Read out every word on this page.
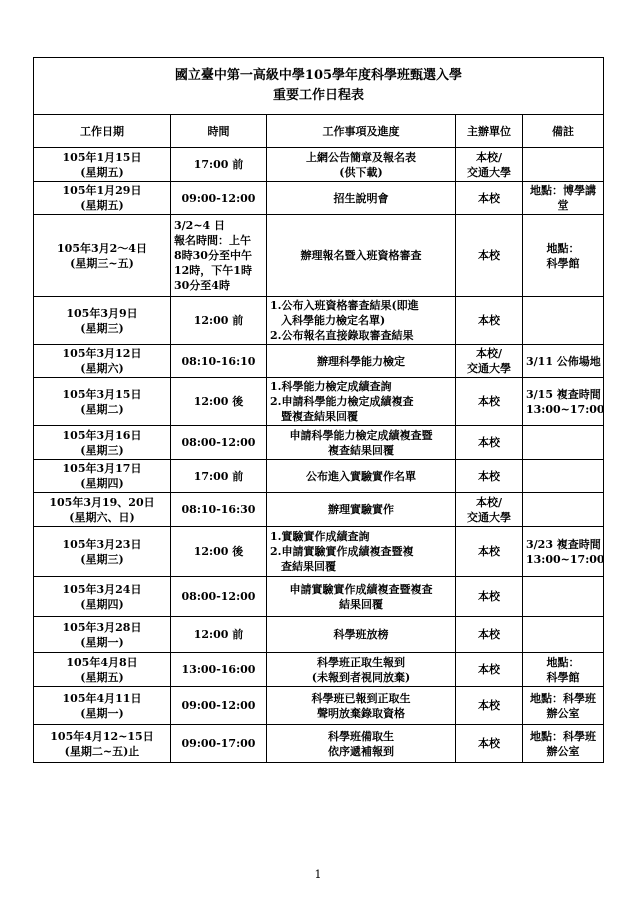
國立臺中第一高級中學105學年度科學班甄選入學
重要工作日程表				

工作日期	時間	工作事項及進度	主辦單位	備註

105年1月15日
(星期五)	17:00 前	上網公告簡章及報名表
(供下載)	本校/
交通大學	

105年1月29日
(星期五)	09:00-12:00	招生說明會	本校	地點：博學講
堂

105年3月2～4日
(星期三~五)	3/2~4 日
報名時間：上午
8時30分至中午
12時，下午1時
30分至4時	辦理報名暨入班資格審查	本校	地點：
科學館

105年3月9日
(星期三)	12:00 前	1.公布入班資格審查結果(即進
　入科學能力檢定名單)
2.公布報名直接錄取審查結果	本校	

105年3月12日
(星期六)	08:10-16:10	辦理科學能力檢定	本校/
交通大學	3/11 公佈場地

105年3月15日
(星期二)	12:00 後	1.科學能力檢定成績查詢
2.申請科學能力檢定成績複查
　暨複查結果回覆	本校	3/15 複查時間
13:00~17:00

105年3月16日
(星期三)	08:00-12:00	申請科學能力檢定成績複查暨
複查結果回覆	本校	

105年3月17日
(星期四)	17:00 前	公布進入實驗實作名單	本校	

105年3月19、20日
(星期六、日)	08:10-16:30	辦理實驗實作	本校/
交通大學	

105年3月23日
(星期三)	12:00 後	1.實驗實作成績查詢
2.申請實驗實作成績複查暨複
　查結果回覆	本校	3/23 複查時間
13:00~17:00

105年3月24日
(星期四)	08:00-12:00	申請實驗實作成績複查暨複查
結果回覆	本校	

105年3月28日
(星期一)	12:00 前	科學班放榜	本校	

105年4月8日
(星期五)	13:00-16:00	科學班正取生報到
(未報到者視同放棄)	本校	地點：
科學館

105年4月11日
(星期一)	09:00-12:00	科學班已報到正取生
聲明放棄錄取資格	本校	地點：科學班
辦公室

105年4月12~15日
(星期二~五)止	09:00-17:00	科學班備取生
依序遞補報到	本校	地點：科學班
辦公室
1
